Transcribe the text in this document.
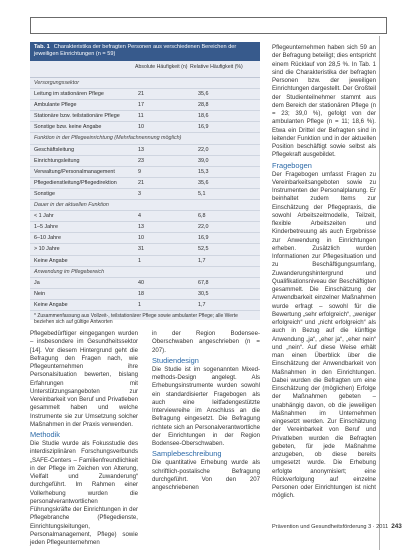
Tab. 1 Charakteristika der befragten Personen aus verschiedenen Bereichen der jeweiligen Einrichtungen (n = 59)
Absolute Häufigkeit (n) Relative Häufigkeit (%)
Versorgungssektor
Leitung im stationären Pflege	21	35,6
Ambulante Pflege	17	28,8
Stationäre bzw. teilstationäre Pflege	11	18,6
Sonstige bzw. keine Angabe	10	16,9
Funktion in der Pflegeeinrichtung (Mehrfachnennung möglich)
Geschäftsleitung	13	22,0
Einrichtungsleitung	23	39,0
Verwaltung/Personalmanagement	9	15,3
Pflegedienstleitung/Pflegedirektion	21	35,6
Sonstige	3	5,1
Dauer in der aktuellen Funktion
< 1 Jahr	4	6,8
1–5 Jahre	13	22,0
6–10 Jahre	10	16,9
> 10 Jahre	31	52,5
Keine Angabe	1	1,7
Anwendung im Pflegebereich
Ja	40	67,8
Nein	18	30,5
Keine Angabe	1	1,7
* Zusammenfassung aus Vollzeit-, teilstationärer Pflege sowie ambulanter Pflege; alle Werte beziehen sich auf gültige Antworten

Pflegebedürftiger eingegangen wurden – insbesondere im Gesundheitssektor [14]. Vor diesem Hintergrund geht die Befragung den Fragen nach, wie Pflegeunternehmen ihre Personalsituation bewerten, bislang Erfahrungen mit Unterstützungsangeboten zur Vereinbarkeit von Beruf und Privatleben gesammelt haben und welche Instrumente sie zur Umsetzung solcher Maßnahmen in der Praxis verwenden.

Methodik

Die Studie wurde als Fokusstudie des interdisziplinären Forschungsverbunds „SAFE-Centers – Familienfreundlichkeit in der Pflege im Zeichen von Alterung, Vielfalt und Zuwanderung“ durchgeführt. Im Rahmen einer Vollerhebung wurden die personalverantwortlichen Führungskräfte der Einrichtungen in der Pflegebranche (Pflegedienste, Einrichtungsleitungen, Personalmanagement, Pflege) sowie jeden Pflegeunternehmen

in der Region Bodensee-Oberschwaben angeschrieben (n = 207).

Studiendesign

Die Studie ist im sogenannten Mixed-methods-Design angelegt. Als Erhebungsinstrumente wurden sowohl ein standardisierter Fragebogen als auch eine leitfadengestützte Interviewreihe im Anschluss an die Befragung eingesetzt. Die Befragung richtete sich an Personalverantwortliche der Einrichtungen in der Region Bodensee-Oberschwaben.

Samplebeschreibung

Die quantitative Erhebung wurde als schriftlich-postalische Befragung durchgeführt. Von den 207 angeschriebenen

Pflegeunternehmen haben sich 59 an der Befragung beteiligt; dies entspricht einem Rücklauf von 28,5 %. In Tab. 1 sind die Charakteristika der befragten Personen bzw. der jeweiligen Einrichtungen dargestellt. Der Großteil der Studienteilnehmer stammt aus dem Bereich der stationären Pflege (n = 23; 39,0 %), gefolgt von der ambulanten Pflege (n = 11; 18,6 %). Etwa ein Drittel der Befragten sind in leitender Funktion und in der aktuellen Position beschäftigt sowie selbst als Pflegekraft ausgebildet.

Fragebogen

Der Fragebogen umfasst Fragen zu Vereinbarkeitsangeboten sowie zu Instrumenten der Personalplanung. Er beinhaltet zudem Items zur Einschätzung der Pflegepraxis, die sowohl Arbeitszeitmodelle, Teilzeit, flexible Arbeitszeiten und Kinderbetreuung als auch Ergebnisse zur Anwendung in Einrichtungen erheben. Zusätzlich wurden Informationen zur Pflegesituation und zu Beschäftigungsumfang, Zuwanderungshintergrund und Qualifikationsniveau der Beschäftigten gesammelt. Die Einschätzung der Anwendbarkeit einzelner Maßnahmen wurde erfragt – sowohl für die Bewertung „sehr erfolgreich“, „weniger erfolgreich“ und „nicht erfolgreich“ als auch in Bezug auf die künftige Anwendung „ja“, „eher ja“, „eher nein“ und „nein“. Auf diese Weise erhält man einen Überblick über die Einschätzung der Anwendbarkeit von Maßnahmen in den Einrichtungen. Dabei wurden die Befragten um eine Einschätzung der (möglichen) Erfolge der Maßnahmen gebeten – unabhängig davon, ob die jeweiligen Maßnahmen im Unternehmen eingesetzt werden. Zur Einschätzung der Vereinbarkeit von Beruf und Privatleben wurden die Befragten gebeten, für jede Maßnahme anzugeben, ob diese bereits umgesetzt wurde. Die Erhebung erfolgte anonymisiert; eine Rückverfolgung auf einzelne Personen oder Einrichtungen ist nicht möglich.

Prävention und Gesundheitsförderung 3 · 2011 243
